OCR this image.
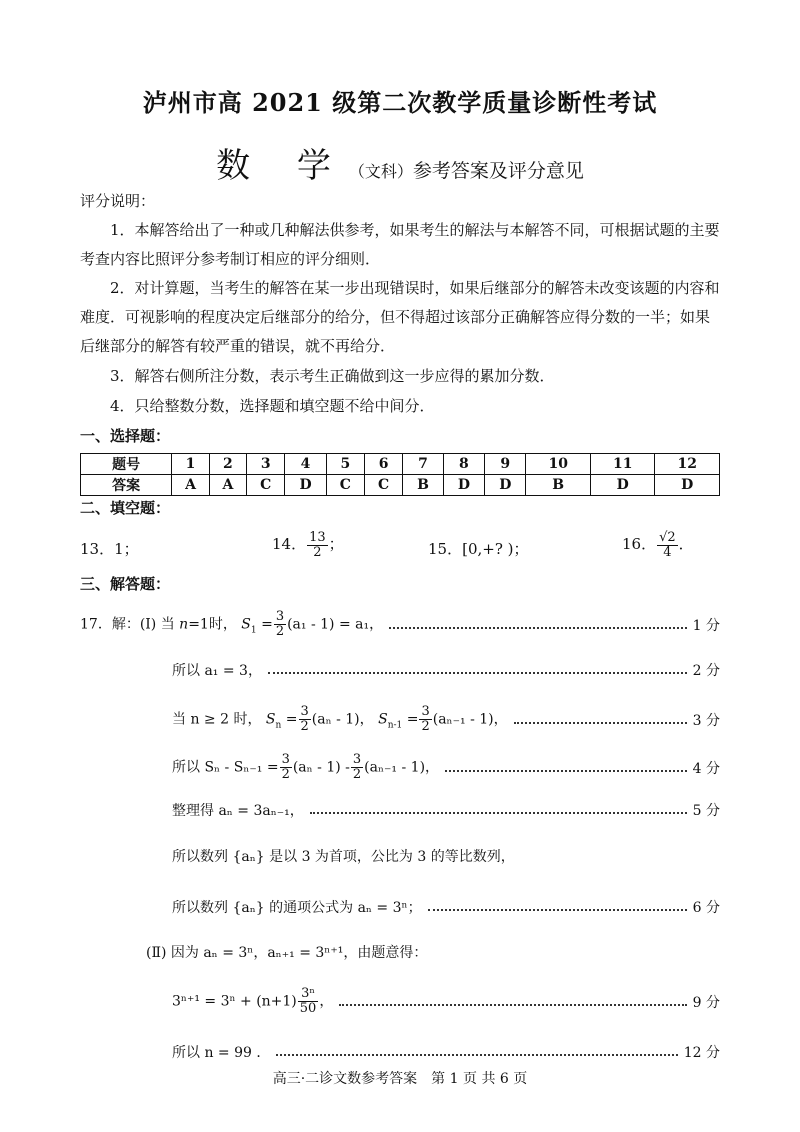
泸州市高 2021 级第二次教学质量诊断性考试
数 学（文科）参考答案及评分意见
评分说明：
1．本解答给出了一种或几种解法供参考，如果考生的解法与本解答不同，可根据试题的主要考查内容比照评分参考制订相应的评分细则．
2．对计算题，当考生的解答在某一步出现错误时，如果后继部分的解答未改变该题的内容和难度．可视影响的程度决定后继部分的给分，但不得超过该部分正确解答应得分数的一半；如果后继部分的解答有较严重的错误，就不再给分．
3．解答右侧所注分数，表示考生正确做到这一步应得的累加分数．
4．只给整数分数，选择题和填空题不给中间分．
一、选择题：
题号	1	2	3	4	5	6	7	8	9	10	11	12
答案	A	A	C	D	C	C	B	D	D	B	D	D
二、填空题：
13．1；	14． $\frac{13}{2}$ ；	15．[0,+? )；	16． $\frac{√2}{4}$ ．
三、解答题：
17．解：(Ⅰ) 当 n=1时， $S_1 = \frac{3}{2} (a_1 - 1) = a_1$，	1 分
所以 a₁ = 3，	2 分
当 n ≥ 2 时， $S_n = \frac{3}{2} (a_n - 1)$， $S_{n-1} = \frac{3}{2} (a_{n-1} - 1)$，	3 分
所以 $S_n - S_{n-1} = \frac{3}{2} (a_n - 1) - \frac{3}{2} (a_{n-1} - 1)$，	4 分
整理得 aₙ = 3aₙ₋₁，	5 分
所以数列 {aₙ} 是以 3 为首项，公比为 3 的等比数列，
所以数列 {aₙ} 的通项公式为 aₙ = 3ⁿ；	6 分
(Ⅱ) 因为 aₙ = 3ⁿ，aₙ₊₁ = 3ⁿ⁺¹，由题意得：
$3^{n+1} = 3^n + (n+1) \frac{\text{3ⁿ}}{50}$ ，	9 分
所以 n = 99 ．	12 分
高三·二诊文数参考答案　第 1 页 共 6 页
